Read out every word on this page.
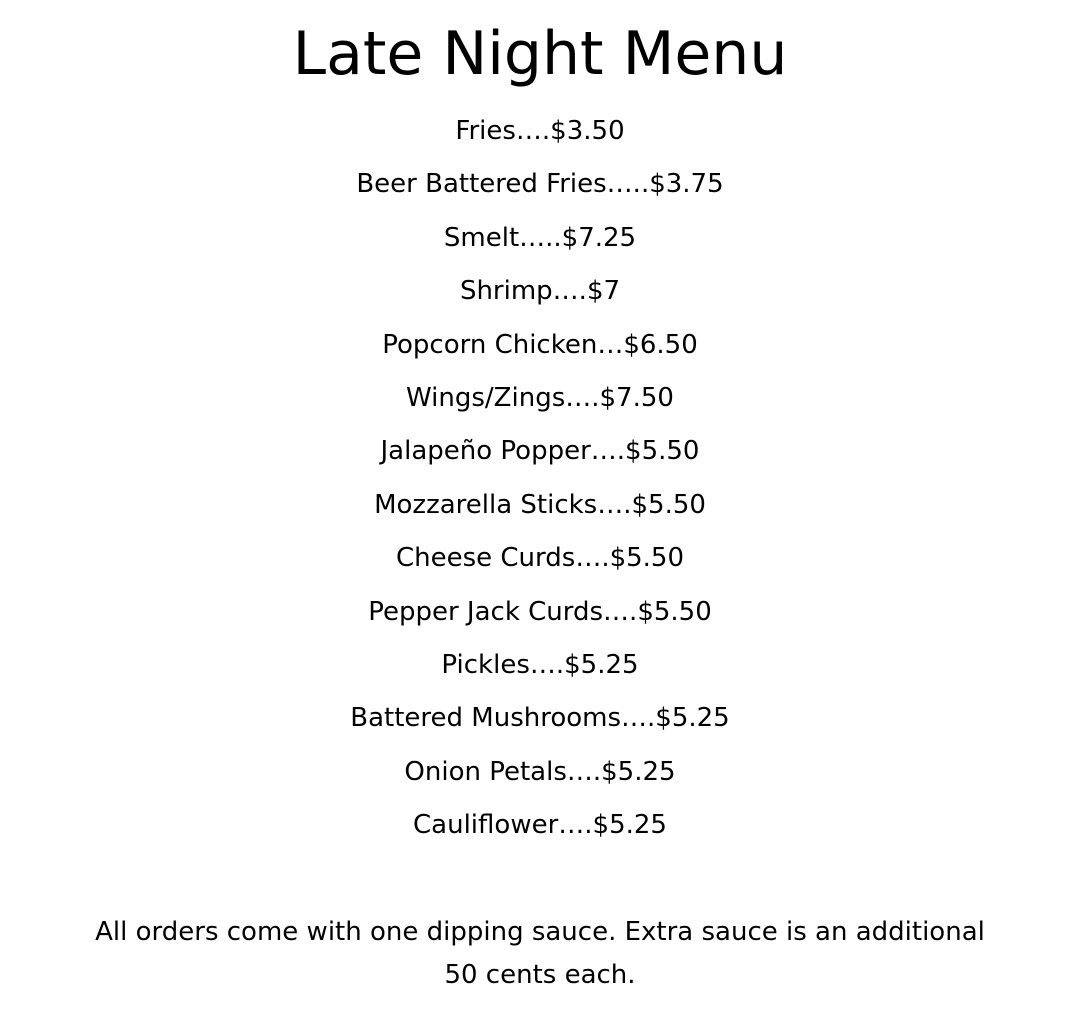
Late Night Menu
Fries….$3.50
Beer Battered Fries…..$3.75
Smelt…..$7.25
Shrimp….$7
Popcorn Chicken…$6.50
Wings/Zings….$7.50
Jalapeño Popper….$5.50
Mozzarella Sticks….$5.50
Cheese Curds….$5.50
Pepper Jack Curds….$5.50
Pickles….$5.25
Battered Mushrooms….$5.25
Onion Petals….$5.25
Cauliflower….$5.25

All orders come with one dipping sauce. Extra sauce is an additional 50 cents each.
